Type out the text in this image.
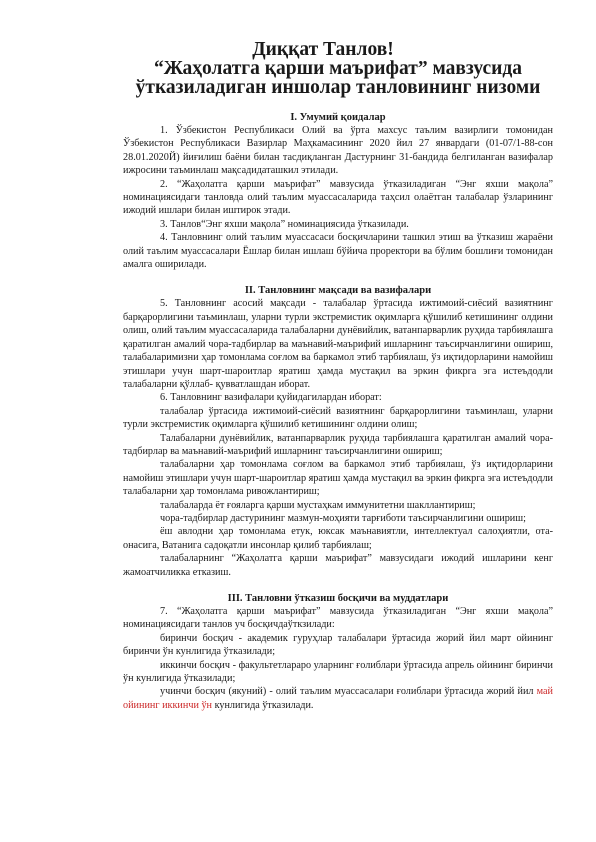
Диққат Танлов!

“Жаҳолатга қарши маърифат” мавзусида

ўтказиладиган иншолар танловининг низоми

I. Умумий қоидалар

1. Ўзбекистон Республикаси Олий ва ўрта махсус таълим вазирлиги томонидан Ўзбекистон Республикаси Вазирлар Маҳкамасининг 2020 йил 27 январдаги (01-07/1-88-сон 28.01.2020Й) йиғилиш баёни билан тасдиқланган Дастурнинг 31-бандида белгиланган вазифалар ижросини таъминлаш мақсадидаташкил этилади.

2. “Жаҳолатга қарши маърифат” мавзусида ўтказиладиган “Энг яхши мақола” номинациясидаги танловда олий таълим муассасаларида таҳсил олаётган талабалар ўзларининг ижодий ишлари билан иштирок этади.

3. Танлов“Энг яхши мақола” номинациясида ўтказилади.

4. Танловнинг олий таълим муассасаси босқичларини ташкил этиш ва ўтказиш жараёни олий таълим муассасалари Ёшлар билан ишлаш бўйича проректори ва бўлим бошлиғи томонидан амалга оширилади.

II. Танловнинг мақсади ва вазифалари

5. Танловнинг асосий мақсади - талабалар ўртасида ижтимоий-сиёсий вазиятнинг барқарорлигини таъминлаш, уларни турли экстремистик оқимларга қўшилиб кетишининг олдини олиш, олий таълим муассасаларида талабаларни дунёвийлик, ватанпарварлик руҳида тарбиялашга қаратилган амалий чора-тадбирлар ва маънавий-маърифий ишларнинг таъсирчанлигини ошириш, талабаларимизни ҳар томонлама соғлом ва баркамол этиб тарбиялаш, ўз иқтидорларини намойиш этишлари учун шарт-шароитлар яратиш ҳамда мустақил ва эркин фикрга эга истеъдодли талабаларни қўллаб- қувватлашдан иборат.

6. Танловнинг вазифалари қуйидагилардан иборат:

талабалар ўртасида ижтимоий-сиёсий вазиятнинг барқарорлигини таъминлаш, уларни турли экстремистик оқимларга қўшилиб кетишининг олдини олиш;

Талабаларни дунёвийлик, ватанпарварлик руҳида тарбиялашга қаратилган амалий чора-тадбирлар ва маънавий-маърифий ишларнинг таъсирчанлигини ошириш;

талабаларни ҳар томонлама соғлом ва баркамол этиб тарбиялаш, ўз иқтидорларини намойиш этишлари учун шарт-шароитлар яратиш ҳамда мустақил ва эркин фикрга эга истеъдодли талабаларни ҳар томонлама ривожлантириш;

талабаларда ёт ғояларга қарши мустаҳкам иммунитетни шакллантириш;

чора-тадбирлар дастурининг мазмун-моҳияти тарғиботи таъсирчанлигини ошириш;

ёш авлодни ҳар томонлама етук, юксак маънавиятли, интеллектуал салоҳиятли, ота-онасига, Ватанига садоқатли инсонлар қилиб тарбиялаш;

талабаларнинг “Жаҳолатга қарши маърифат” мавзусидаги ижодий ишларини кенг жамоатчиликка етказиш.

III. Танловни ўтказиш босқичи ва муддатлари

7. “Жаҳолатга қарши маърифат” мавзусида ўтказиладиган “Энг яхши мақола” номинациясидаги танлов уч босқичдаўткзилади:

биринчи босқич - академик гуруҳлар талабалари ўртасида жорий йил март ойининг биринчи ўн кунлигида ўтказилади;

иккинчи босқич - факультетлараро уларнинг ғолиблари ўртасида апрель ойининг биринчи ўн кунлигида ўтказилади;

учинчи босқич (якуний) - олий таълим муассасалари ғолиблари ўртасида жорий йил май ойининг иккинчи ўн кунлигида ўтказилади.
